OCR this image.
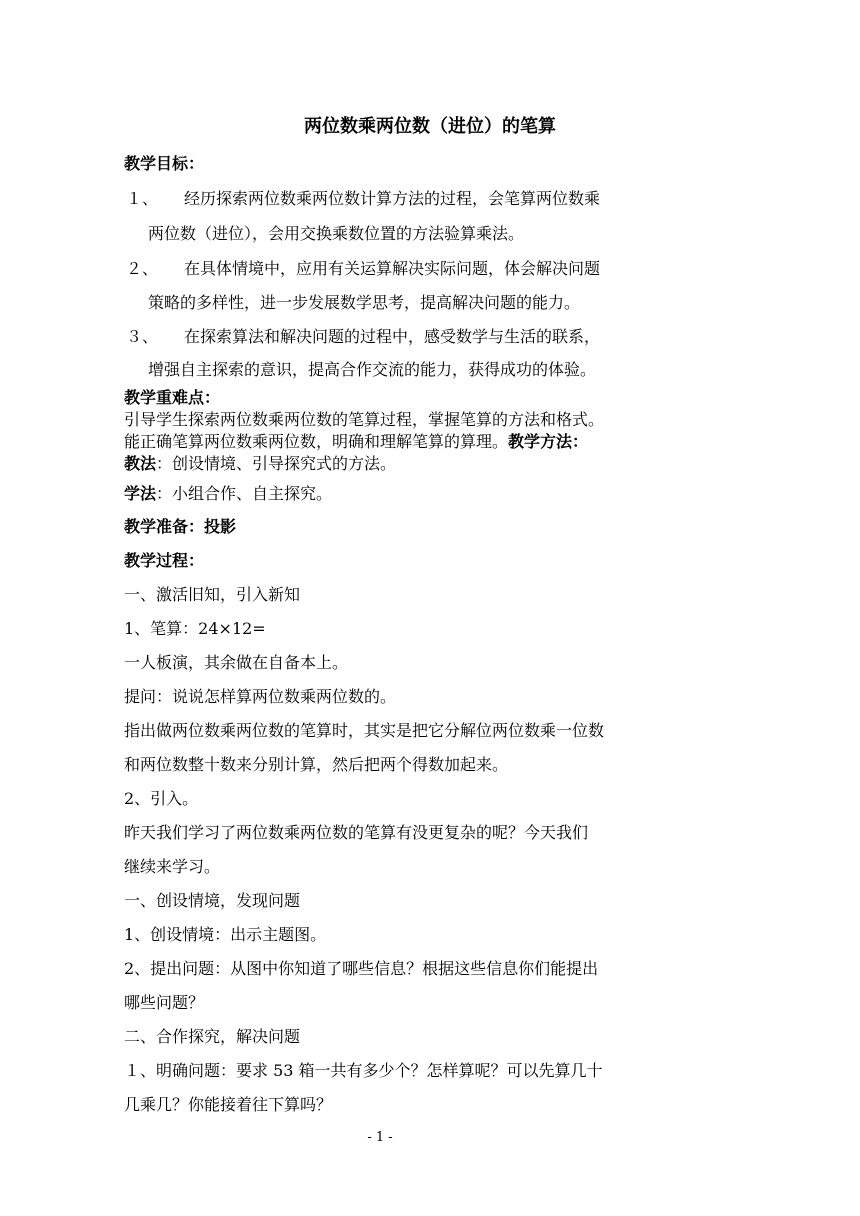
两位数乘两位数（进位）的笔算
教学目标：
１、 经历探索两位数乘两位数计算方法的过程，会笔算两位数乘
两位数（进位），会用交换乘数位置的方法验算乘法。
２、 在具体情境中，应用有关运算解决实际问题，体会解决问题
策略的多样性，进一步发展数学思考，提高解决问题的能力。
３、 在探索算法和解决问题的过程中，感受数学与生活的联系，
增强自主探索的意识，提高合作交流的能力，获得成功的体验。
教学重难点：
引导学生探索两位数乘两位数的笔算过程，掌握笔算的方法和格式。
能正确笔算两位数乘两位数，明确和理解笔算的算理。教学方法：
教法：创设情境、引导探究式的方法。
学法：小组合作、自主探究。
教学准备：投影
教学过程：
一、激活旧知，引入新知
1、笔算：24×12=
一人板演，其余做在自备本上。
提问：说说怎样算两位数乘两位数的。
指出做两位数乘两位数的笔算时，其实是把它分解位两位数乘一位数
和两位数整十数来分别计算，然后把两个得数加起来。
2、引入。
昨天我们学习了两位数乘两位数的笔算有没更复杂的呢？今天我们
继续来学习。
一、创设情境，发现问题
1、创设情境：出示主题图。
2、提出问题：从图中你知道了哪些信息？根据这些信息你们能提出
哪些问题？
二、合作探究，解决问题
１、明确问题：要求 53 箱一共有多少个？怎样算呢？可以先算几十
几乘几？你能接着往下算吗？
- 1 -
